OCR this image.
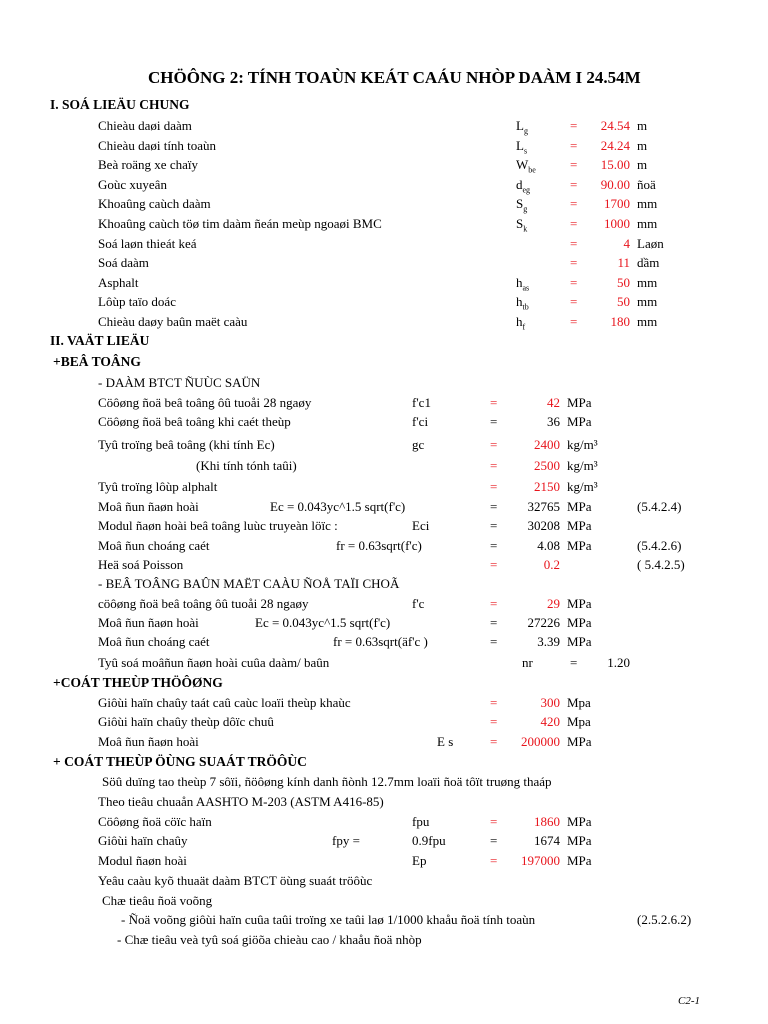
CHÖÔNG 2: TÍNH TOAÙN KEÁT CAÁU NHÒP DAÀM I 24.54M
I. SOÁ LIEÄU CHUNG
Chieàu daøi daàm	$L_g$	=	24.54 m
Chieàu daøi tính toaùn	$L_s$	=	24.24 m
Beà roäng xe chaïy	$W_{be}$	=	15.00 m
Goùc xuyeân	$d_{eg}$	=	90.00 ñoä
Khoaûng caùch daàm	$S_g$	=	1700 mm
Khoaûng caùch töø tim daàm ñeán meùp ngoaøi BMC	$S_k$	=	1000 mm
Soá laøn thieát keá	=	4 Laøn
Soá daàm	=	11 dầm
Asphalt	$h_{as}$	=	50 mm
Lôùp taïo doác	$h_{tb}$	=	50 mm
Chieàu daøy baûn maët caàu	$h_f$	=	180 mm
II. VAÄT LIEÄU
+BEÂ TOÂNG
- DAÀM BTCT ÑUÙC SAÜN
Cöôøng ñoä beâ toâng ôû tuoåi 28 ngaøy	f'c1	=	42 MPa
Cöôøng ñoä beâ toâng khi caét theùp	f'ci	=	36 MPa
Tyû troïng beâ toâng (khi tính Ec)	gc	=	2400 kg/m³
(Khi tính tónh taûi)	=	2500 kg/m³
Tyû troïng lôùp alphalt	=	2150 kg/m³
Moâ ñun ñaøn hoài	Ec = 0.043yc^1.5 sqrt(f'c)	=	32765 MPa	(5.4.2.4)
Modul ñaøn hoài beâ toâng luùc truyeàn löïc :	Eci	=	30208 MPa
Moâ ñun choáng caét	fr = 0.63sqrt(f'c)	=	4.08 MPa	(5.4.2.6)
Heä soá Poisson	=	0.2	( 5.4.2.5)
- BEÂ TOÂNG BAÛN MAËT CAÀU ÑOÅ TAÏI CHOÃ
cöôøng ñoä beâ toâng ôû tuoåi 28 ngaøy	f'c	=	29 MPa
Moâ ñun ñaøn hoài	Ec = 0.043yc^1.5 sqrt(f'c)	=	27226 MPa
Moâ ñun choáng caét	fr = 0.63sqrt(äf'c )	=	3.39 MPa
Tyû soá moâñun ñaøn hoài cuûa daàm/ baûn	nr	=	1.20
+COÁT THEÙP THÖÔØNG
Giôùi haïn chaûy taát caû caùc loaïi theùp khaùc	=	300 Mpa
Giôùi haïn chaûy theùp dôïc chuû	=	420 Mpa
Moâ ñun ñaøn hoài	E s	=	200000 MPa
+ COÁT THEÙP ÖÙNG SUAÁT TRÖÔÙC
Söû duïng tao theùp 7 sôïi, ñöôøng kính danh ñònh 12.7mm loaïi ñoä tôït truøng thaáp
Theo tieâu chuaån AASHTO M-203 (ASTM A416-85)
Cöôøng ñoä cöïc haïn	fpu	=	1860 MPa
Giôùi haïn chaûy	fpy =	0.9fpu	=	1674 MPa
Modul ñaøn hoài	Ep	=	197000 MPa
Yeâu caàu kyõ thuaät daàm BTCT öùng suaát tröôùc
Chæ tieâu ñoä voõng
- Ñoä voõng giôùi haïn cuûa taûi troïng xe taûi laø 1/1000 khaåu ñoä tính toaùn	(2.5.2.6.2)
- Chæ tieâu veà tyû soá giöõa chieàu cao / khaåu ñoä nhòp
C2-1
